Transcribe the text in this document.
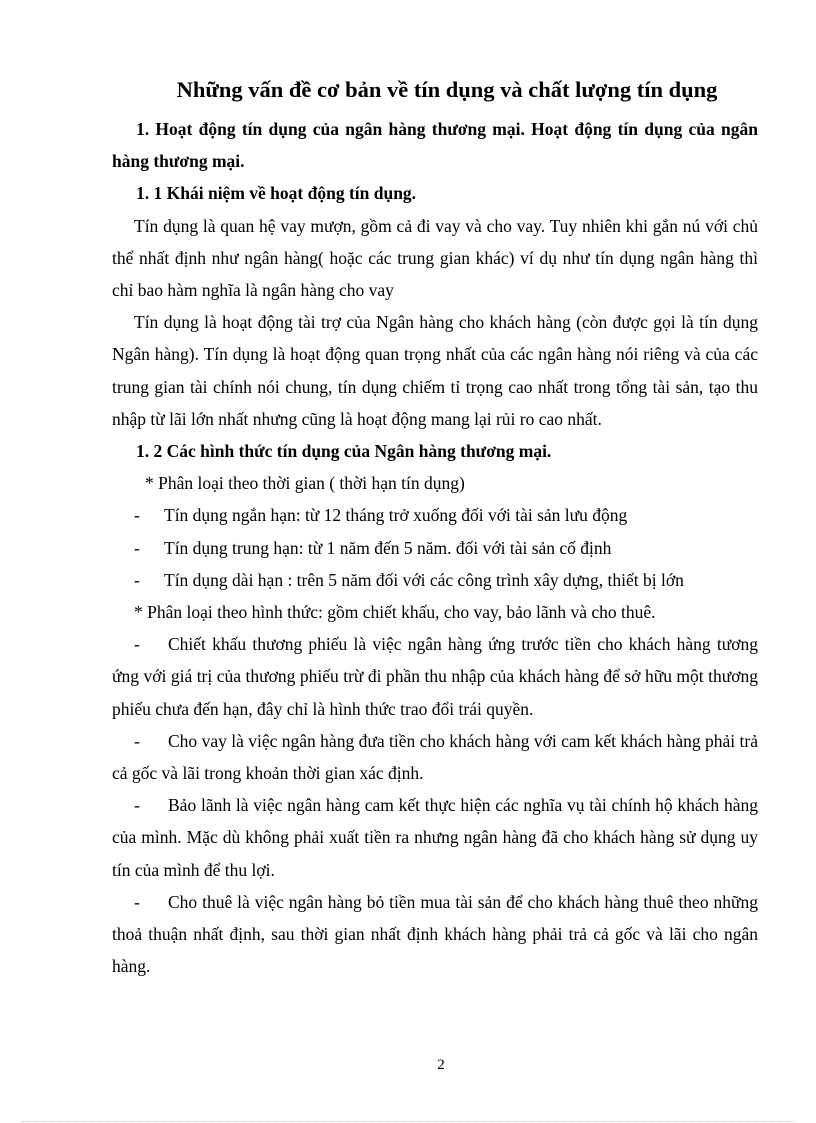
Những vấn đề cơ bản về tín dụng và chất lượng tín dụng

1. Hoạt động tín dụng của ngân hàng thương mại. Hoạt động tín dụng của ngân hàng thương mại.

1. 1 Khái niệm về hoạt động tín dụng.

Tín dụng là quan hệ vay mượn, gồm cả đi vay và cho vay. Tuy nhiên khi gắn nú với chủ thể nhất định như ngân hàng( hoặc các trung gian khác) ví dụ như tín dụng ngân hàng thì chỉ bao hàm nghĩa là ngân hàng cho vay

Tín dụng là hoạt động tài trợ của Ngân hàng cho khách hàng (còn được gọi là tín dụng Ngân hàng). Tín dụng là hoạt động quan trọng nhất của các ngân hàng nói riêng và của các trung gian tài chính nói chung, tín dụng chiếm tỉ trọng cao nhất trong tổng tài sản, tạo thu nhập từ lãi lớn nhất nhưng cũng là hoạt động mang lại rủi ro cao nhất.

1. 2 Các hình thức tín dụng của Ngân hàng thương mại.

* Phân loại theo thời gian ( thời hạn tín dụng)

- Tín dụng ngắn hạn: từ 12 tháng trở xuống đối với tài sản lưu động

- Tín dụng trung hạn: từ 1 năm đến 5 năm. đối với tài sản cố định

- Tín dụng dài hạn : trên 5 năm đối với các công trình xây dựng, thiết bị lớn

* Phân loại theo hình thức: gồm chiết khấu, cho vay, bảo lãnh và cho thuê.

- Chiết khấu thương phiếu là việc ngân hàng ứng trước tiền cho khách hàng tương ứng với giá trị của thương phiếu trừ đi phần thu nhập của khách hàng để sở hữu một thương phiếu chưa đến hạn, đây chỉ là hình thức trao đổi trái quyền.

- Cho vay là việc ngân hàng đưa tiền cho khách hàng với cam kết khách hàng phải trả cả gốc và lãi trong khoản thời gian xác định.

- Bảo lãnh là việc ngân hàng cam kết thực hiện các nghĩa vụ tài chính hộ khách hàng của mình. Mặc dù không phải xuất tiền ra nhưng ngân hàng đã cho khách hàng sử dụng uy tín của mình để thu lợi.

- Cho thuê là việc ngân hàng bỏ tiền mua tài sản để cho khách hàng thuê theo những thoả thuận nhất định, sau thời gian nhất định khách hàng phải trả cả gốc và lãi cho ngân hàng.

2
